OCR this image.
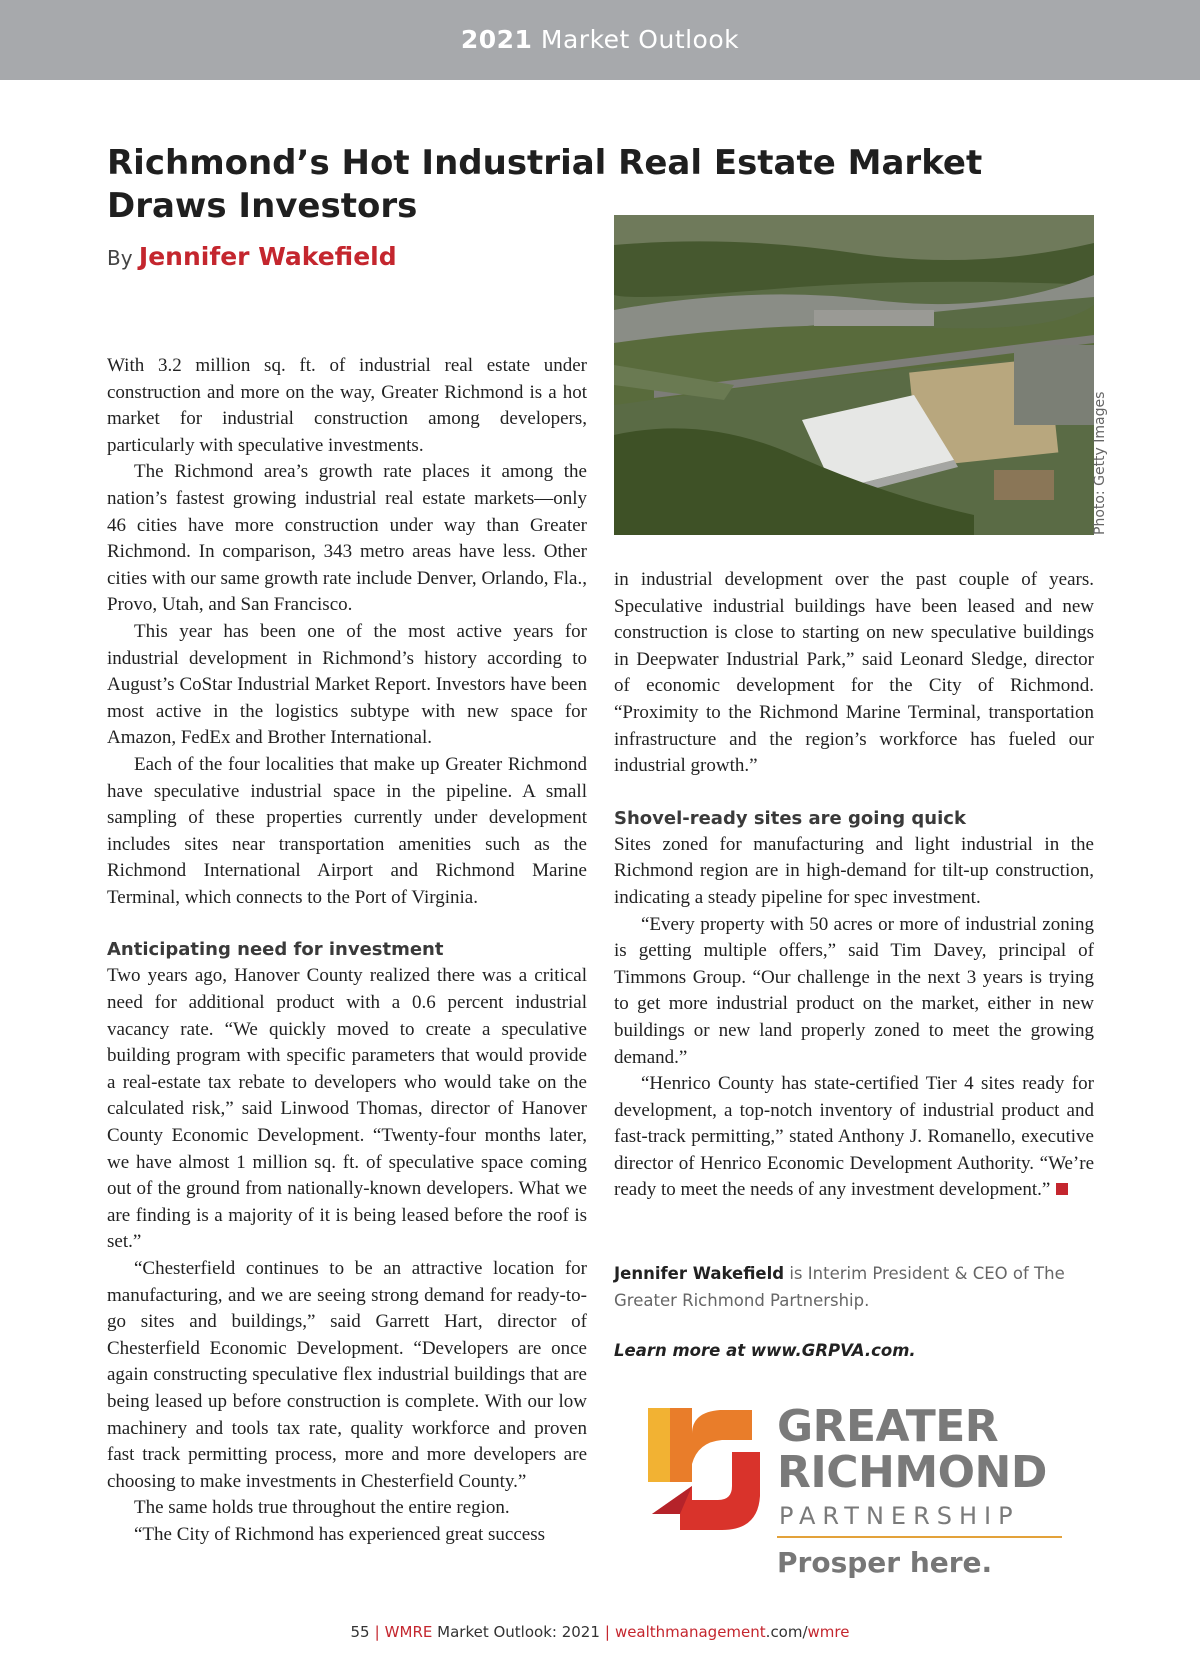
2021 Market Outlook
Richmond’s Hot Industrial Real Estate Market Draws Investors
By Jennifer Wakefield
Photo: Getty Images

With 3.2 million sq. ft. of industrial real estate under construction and more on the way, Greater Richmond is a hot market for industrial construction among developers, particularly with speculative investments.

The Richmond area’s growth rate places it among the nation’s fastest growing industrial real estate markets—only 46 cities have more construction under way than Greater Richmond. In comparison, 343 metro areas have less. Other cities with our same growth rate include Denver, Orlando, Fla., Provo, Utah, and San Francisco.

This year has been one of the most active years for industrial development in Richmond’s history according to August’s CoStar Industrial Market Report. Investors have been most active in the logistics subtype with new space for Amazon, FedEx and Brother International.

Each of the four localities that make up Greater Richmond have speculative industrial space in the pipeline. A small sampling of these properties currently under development includes sites near transportation amenities such as the Richmond International Airport and Richmond Marine Terminal, which connects to the Port of Virginia.

Anticipating need for investment

Two years ago, Hanover County realized there was a critical need for additional product with a 0.6 percent industrial vacancy rate. “We quickly moved to create a speculative building program with specific parameters that would provide a real-estate tax rebate to developers who would take on the calculated risk,” said Linwood Thomas, director of Hanover County Economic Development. “Twenty-four months later, we have almost 1 million sq. ft. of speculative space coming out of the ground from nationally-known developers. What we are finding is a majority of it is being leased before the roof is set.”

“Chesterfield continues to be an attractive location for manufacturing, and we are seeing strong demand for ready-to-go sites and buildings,” said Garrett Hart, director of Chesterfield Economic Development. “Developers are once again constructing speculative flex industrial buildings that are being leased up before construction is complete. With our low machinery and tools tax rate, quality workforce and proven fast track permitting process, more and more developers are choosing to make investments in Chesterfield County.”

The same holds true throughout the entire region.

“The City of Richmond has experienced great success

in industrial development over the past couple of years. Speculative industrial buildings have been leased and new construction is close to starting on new speculative buildings in Deepwater Industrial Park,” said Leonard Sledge, director of economic development for the City of Richmond. “Proximity to the Richmond Marine Terminal, transportation infrastructure and the region’s workforce has fueled our industrial growth.”

Shovel-ready sites are going quick

Sites zoned for manufacturing and light industrial in the Richmond region are in high-demand for tilt-up construction, indicating a steady pipeline for spec investment.

“Every property with 50 acres or more of industrial zoning is getting multiple offers,” said Tim Davey, principal of Timmons Group. “Our challenge in the next 3 years is trying to get more industrial product on the market, either in new buildings or new land properly zoned to meet the growing demand.”

“Henrico County has state-certified Tier 4 sites ready for development, a top-notch inventory of industrial product and fast-track permitting,” stated Anthony J. Romanello, executive director of Henrico Economic Development Authority. “We’re ready to meet the needs of any investment development.”

Jennifer Wakefield is Interim President & CEO of The Greater Richmond Partnership.
Learn more at www.GRPVA.com.
GREATER
RICHMOND
PARTNERSHIP
Prosper here.
55 | WMRE Market Outlook: 2021 | wealthmanagement.com/wmre
